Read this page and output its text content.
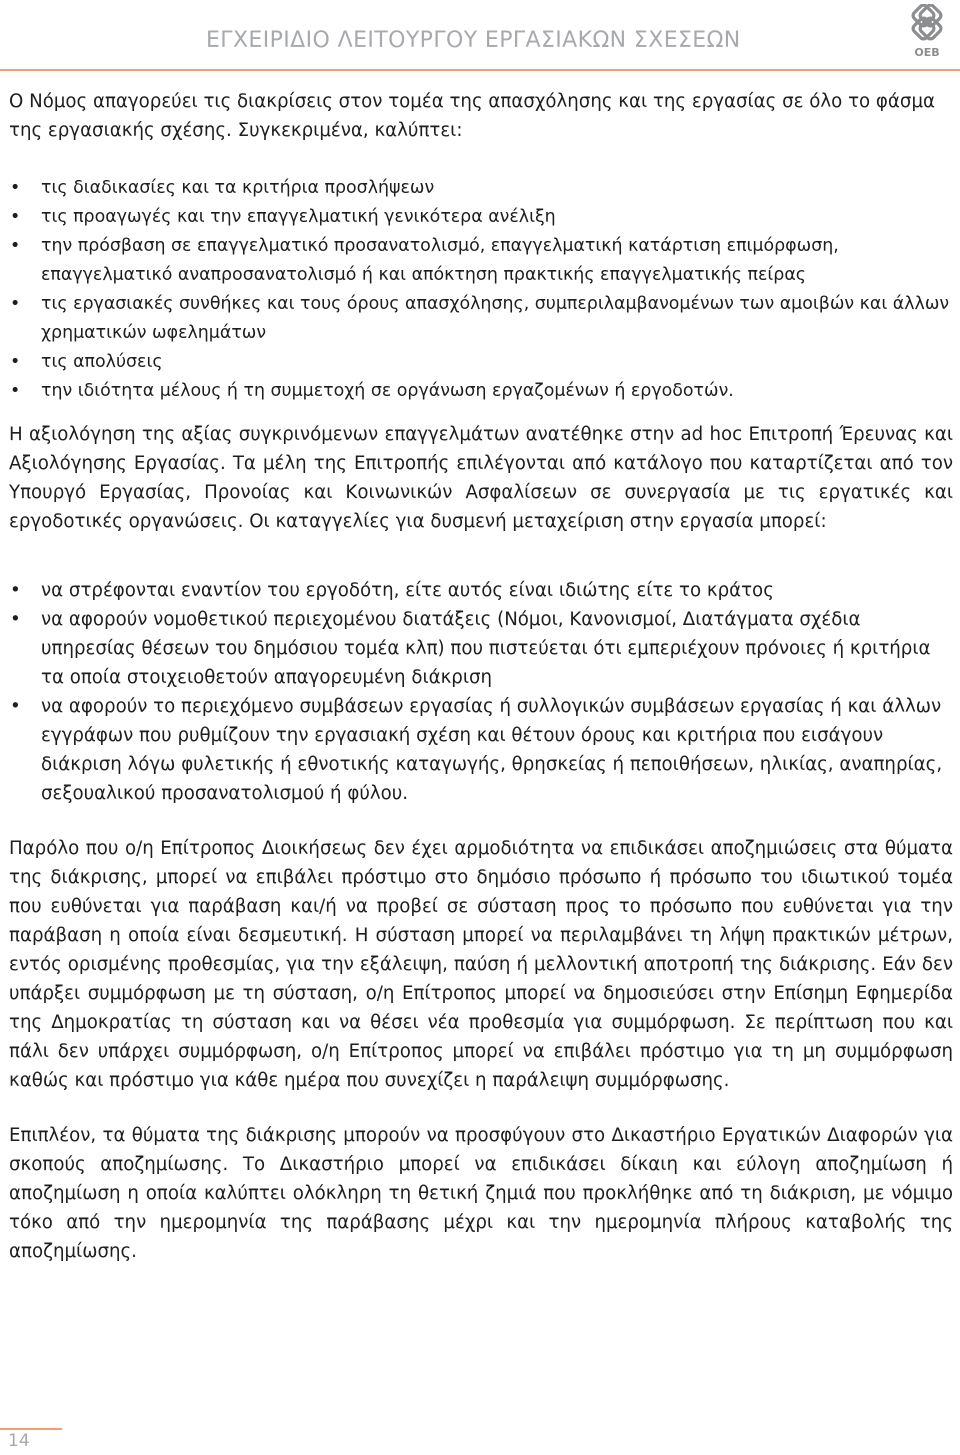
ΕΓΧΕΙΡΙΔΙΟ ΛΕΙΤΟΥΡΓΟΥ ΕΡΓΑΣΙΑΚΩΝ ΣΧΕΣΕΩΝ	OEB

Ο Νόμος απαγορεύει τις διακρίσεις στον τομέα της απασχόλησης και της εργασίας σε όλο το φάσμα της εργασιακής σχέσης. Συγκεκριμένα, καλύπτει:

• τις διαδικασίες και τα κριτήρια προσλήψεων
• τις προαγωγές και την επαγγελματική γενικότερα ανέλιξη
• την πρόσβαση σε επαγγελματικό προσανατολισμό, επαγγελματική κατάρτιση επιμόρφωση, επαγγελματικό αναπροσανατολισμό ή και απόκτηση πρακτικής επαγγελματικής πείρας
• τις εργασιακές συνθήκες και τους όρους απασχόλησης, συμπεριλαμβανομένων των αμοιβών και άλλων χρηματικών ωφελημάτων
• τις απολύσεις
• την ιδιότητα μέλους ή τη συμμετοχή σε οργάνωση εργαζομένων ή εργοδοτών.

Η αξιολόγηση της αξίας συγκρινόμενων επαγγελμάτων ανατέθηκε στην ad hoc Επιτροπή Έρευνας και Αξιολόγησης Εργασίας. Τα μέλη της Επιτροπής επιλέγονται από κατάλογο που καταρτίζεται από τον Υπουργό Εργασίας, Προνοίας και Κοινωνικών Ασφαλίσεων σε συνεργασία με τις εργατικές και εργοδοτικές οργανώσεις. Οι καταγγελίες για δυσμενή μεταχείριση στην εργασία μπορεί:

• να στρέφονται εναντίον του εργοδότη, είτε αυτός είναι ιδιώτης είτε το κράτος
• να αφορούν νομοθετικού περιεχομένου διατάξεις (Νόμοι, Κανονισμοί, Διατάγματα σχέδια υπηρεσίας θέσεων του δημόσιου τομέα κλπ) που πιστεύεται ότι εμπεριέχουν πρόνοιες ή κριτήρια τα οποία στοιχειοθετούν απαγορευμένη διάκριση
• να αφορούν το περιεχόμενο συμβάσεων εργασίας ή συλλογικών συμβάσεων εργασίας ή και άλλων εγγράφων που ρυθμίζουν την εργασιακή σχέση και θέτουν όρους και κριτήρια που εισάγουν διάκριση λόγω φυλετικής ή εθνοτικής καταγωγής, θρησκείας ή πεποιθήσεων, ηλικίας, αναπηρίας, σεξουαλικού προσανατολισμού ή φύλου.

Παρόλο που ο/η Επίτροπος Διοικήσεως δεν έχει αρμοδιότητα να επιδικάσει αποζημιώσεις στα θύματα της διάκρισης, μπορεί να επιβάλει πρόστιμο στο δημόσιο πρόσωπο ή πρόσωπο του ιδιωτικού τομέα που ευθύνεται για παράβαση και/ή να προβεί σε σύσταση προς το πρόσωπο που ευθύνεται για την παράβαση η οποία είναι δεσμευτική. Η σύσταση μπορεί να περιλαμβάνει τη λήψη πρακτικών μέτρων, εντός ορισμένης προθεσμίας, για την εξάλειψη, παύση ή μελλοντική αποτροπή της διάκρισης. Εάν δεν υπάρξει συμμόρφωση με τη σύσταση, ο/η Επίτροπος μπορεί να δημοσιεύσει στην Επίσημη Εφημερίδα της Δημοκρατίας τη σύσταση και να θέσει νέα προθεσμία για συμμόρφωση. Σε περίπτωση που και πάλι δεν υπάρχει συμμόρφωση, ο/η Επίτροπος μπορεί να επιβάλει πρόστιμο για τη μη συμμόρφωση καθώς και πρόστιμο για κάθε ημέρα που συνεχίζει η παράλειψη συμμόρφωσης.

Επιπλέον, τα θύματα της διάκρισης μπορούν να προσφύγουν στο Δικαστήριο Εργατικών Διαφορών για σκοπούς αποζημίωσης. Το Δικαστήριο μπορεί να επιδικάσει δίκαιη και εύλογη αποζημίωση ή αποζημίωση η οποία καλύπτει ολόκληρη τη θετική ζημιά που προκλήθηκε από τη διάκριση, με νόμιμο τόκο από την ημερομηνία της παράβασης μέχρι και την ημερομηνία πλήρους καταβολής της αποζημίωσης.

14
